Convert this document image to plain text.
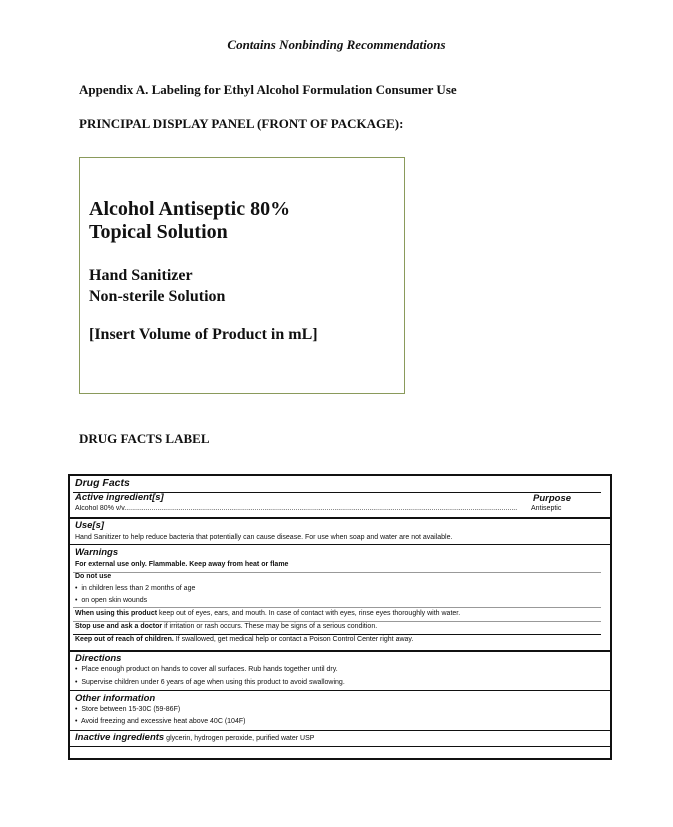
Contains Nonbinding Recommendations
Appendix A. Labeling for Ethyl Alcohol Formulation Consumer Use
PRINCIPAL DISPLAY PANEL (FRONT OF PACKAGE):
Alcohol Antiseptic 80%
Topical Solution
Hand Sanitizer
Non-sterile Solution
[Insert Volume of Product in mL]
DRUG FACTS LABEL
Drug Facts
Active ingredient[s]	Purpose
Alcohol 80% v/v..........................................................................................................................................................................................................	Antiseptic
Use[s]
Hand Sanitizer to help reduce bacteria that potentially can cause disease. For use when soap and water are not available.
Warnings
For external use only. Flammable. Keep away from heat or flame
Do not use
•  in children less than 2 months of age
•  on open skin wounds
When using this product keep out of eyes, ears, and mouth. In case of contact with eyes, rinse eyes thoroughly with water.
Stop use and ask a doctor if irritation or rash occurs. These may be signs of a serious condition.
Keep out of reach of children. If swallowed, get medical help or contact a Poison Control Center right away.
Directions
•  Place enough product on hands to cover all surfaces. Rub hands together until dry.
•  Supervise children under 6 years of age when using this product to avoid swallowing.
Other information
•  Store between 15-30C (59-86F)
•  Avoid freezing and excessive heat above 40C (104F)
Inactive ingredients glycerin, hydrogen peroxide, purified water USP
